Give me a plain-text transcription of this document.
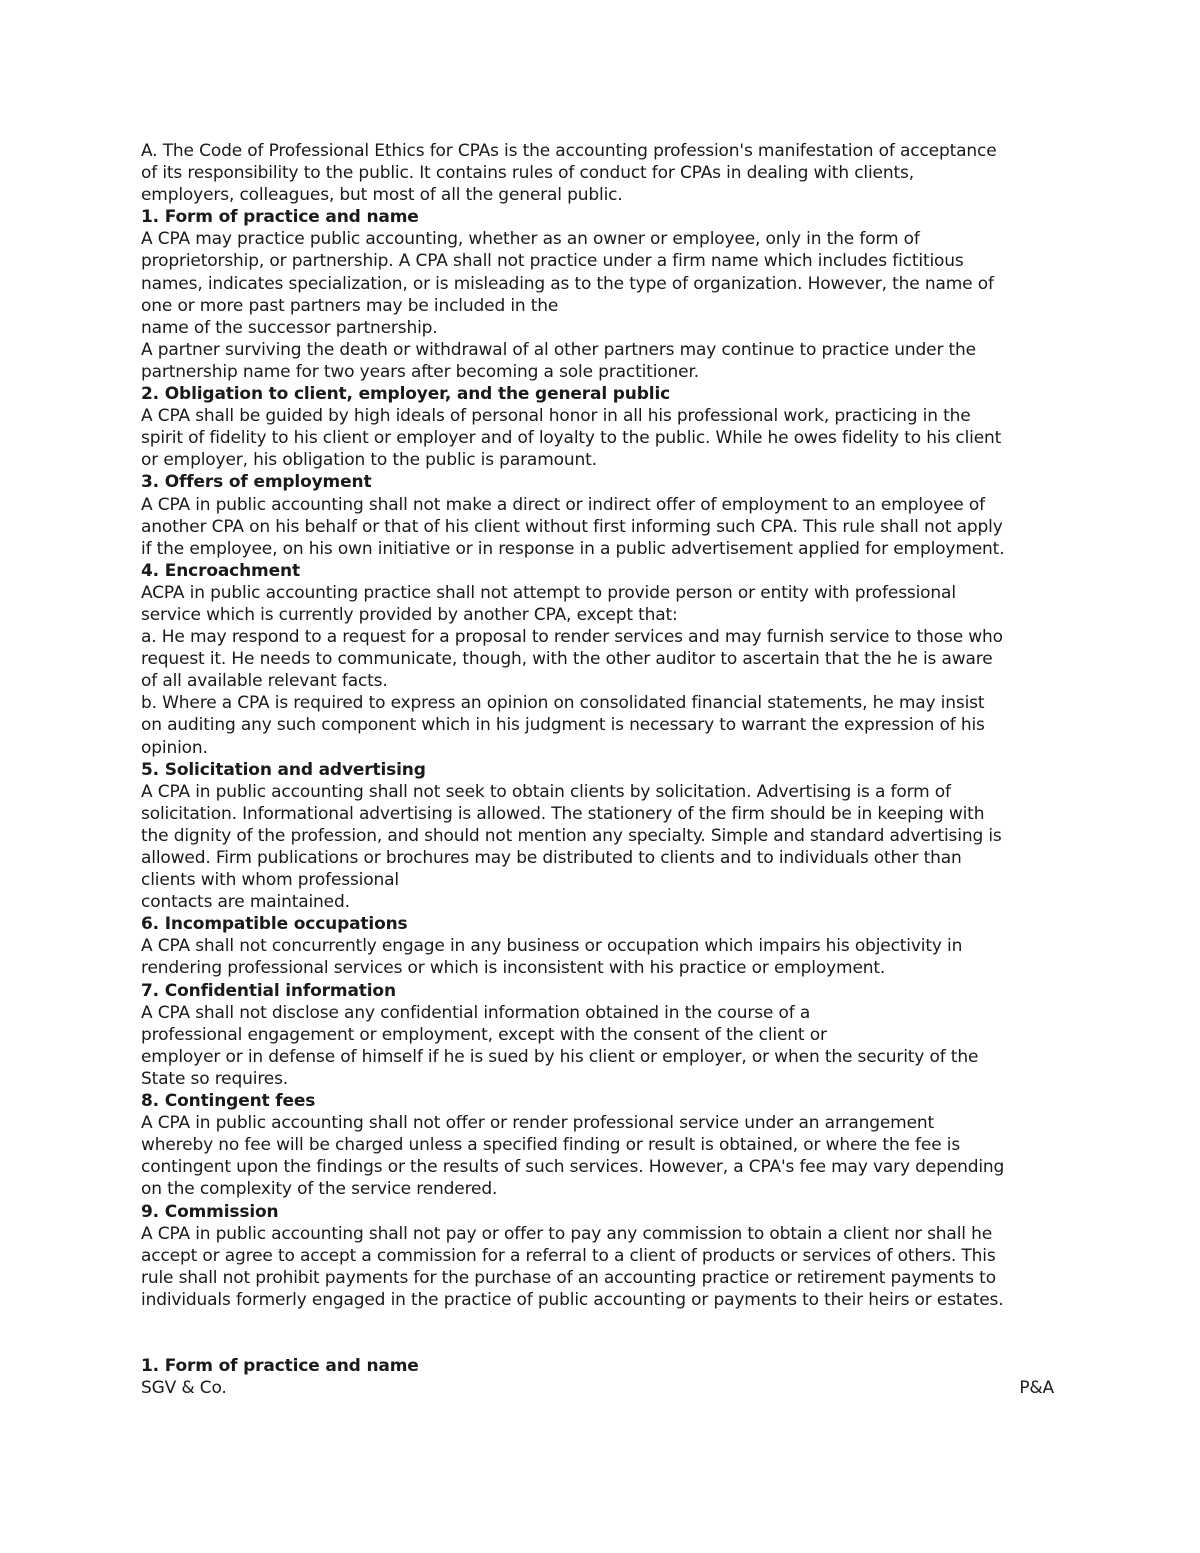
A. The Code of Professional Ethics for CPAs is the accounting profession's manifestation of acceptance
of its responsibility to the public. It contains rules of conduct for CPAs in dealing with clients,
employers, colleagues, but most of all the general public.
1. Form of practice and name
A CPA may practice public accounting, whether as an owner or employee, only in the form of
proprietorship, or partnership. A CPA shall not practice under a firm name which includes fictitious
names, indicates specialization, or is misleading as to the type of organization. However, the name of
one or more past partners may be included in the
name of the successor partnership.
A partner surviving the death or withdrawal of al other partners may continue to practice under the
partnership name for two years after becoming a sole practitioner.
2. Obligation to client, employer, and the general public
A CPA shall be guided by high ideals of personal honor in all his professional work, practicing in the
spirit of fidelity to his client or employer and of loyalty to the public. While he owes fidelity to his client
or employer, his obligation to the public is paramount.
3. Offers of employment
A CPA in public accounting shall not make a direct or indirect offer of employment to an employee of
another CPA on his behalf or that of his client without first informing such CPA. This rule shall not apply
if the employee, on his own initiative or in response in a public advertisement applied for employment.
4. Encroachment
ACPA in public accounting practice shall not attempt to provide person or entity with professional
service which is currently provided by another CPA, except that:
a. He may respond to a request for a proposal to render services and may furnish service to those who
request it. He needs to communicate, though, with the other auditor to ascertain that the he is aware
of all available relevant facts.
b. Where a CPA is required to express an opinion on consolidated financial statements, he may insist
on auditing any such component which in his judgment is necessary to warrant the expression of his
opinion.
5. Solicitation and advertising
A CPA in public accounting shall not seek to obtain clients by solicitation. Advertising is a form of
solicitation. Informational advertising is allowed. The stationery of the firm should be in keeping with
the dignity of the profession, and should not mention any specialty. Simple and standard advertising is
allowed. Firm publications or brochures may be distributed to clients and to individuals other than
clients with whom professional
contacts are maintained.
6. Incompatible occupations
A CPA shall not concurrently engage in any business or occupation which impairs his objectivity in
rendering professional services or which is inconsistent with his practice or employment.
7. Confidential information
A CPA shall not disclose any confidential information obtained in the course of a
professional engagement or employment, except with the consent of the client or
employer or in defense of himself if he is sued by his client or employer, or when the security of the
State so requires.
8. Contingent fees
A CPA in public accounting shall not offer or render professional service under an arrangement
whereby no fee will be charged unless a specified finding or result is obtained, or where the fee is
contingent upon the findings or the results of such services. However, a CPA's fee may vary depending
on the complexity of the service rendered.
9. Commission
A CPA in public accounting shall not pay or offer to pay any commission to obtain a client nor shall he
accept or agree to accept a commission for a referral to a client of products or services of others. This
rule shall not prohibit payments for the purchase of an accounting practice or retirement payments to
individuals formerly engaged in the practice of public accounting or payments to their heirs or estates.
1. Form of practice and name
SGV & Co.	P&A
